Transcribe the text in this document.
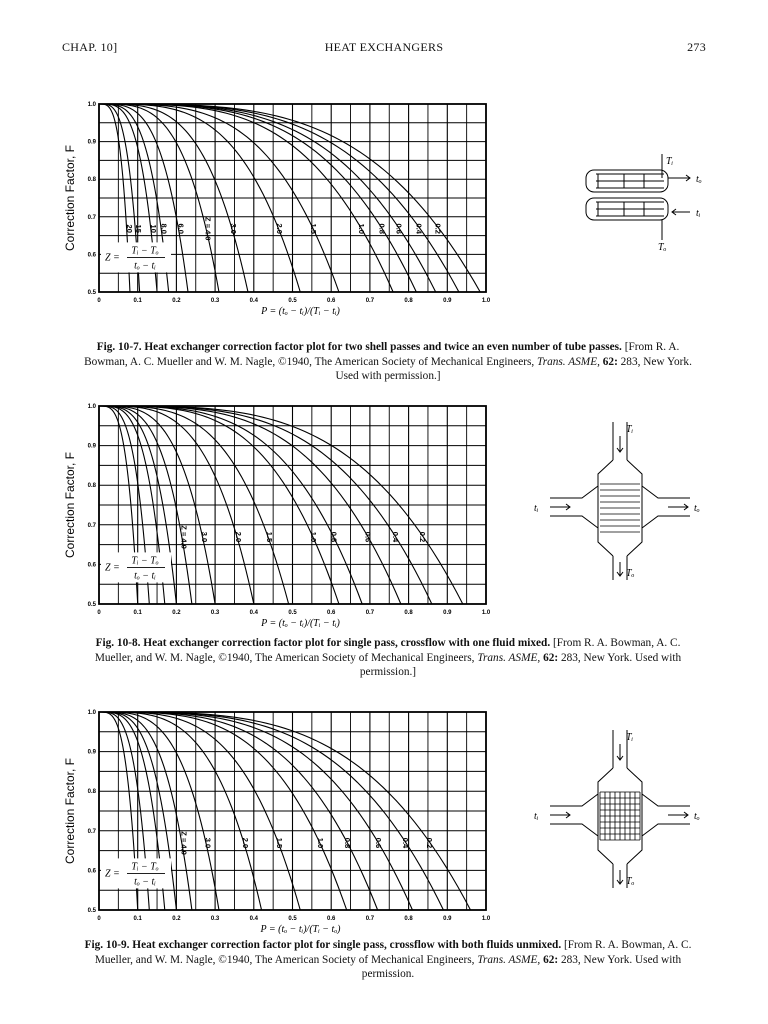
CHAP. 10]	HEAT EXCHANGERS	273
0	0.1	0.2	0.3	0.4	0.5	0.6	0.7	0.8	0.9	1.0
0.5
0.6
0.7
0.8
0.9
1.0
Correction Factor, F
P = (tₒ − tᵢ)/(Tᵢ − tᵢ)
20 15 10 8.0 6.0 Z = 4.0 3.0	2.0	1.5	1.0 0.8 0.6 0.4 0.2
Z =
Tᵢ − Tₒ
tₒ − tᵢ
Tᵢ
tₒ
tᵢ
Tₒ
Fig. 10-7. Heat exchanger correction factor plot for two shell passes and twice an even number of tube passes. [From R. A. Bowman, A. C. Mueller and W. M. Nagle, ©1940, The American Society of Mechanical Engineers, Trans. ASME, 62: 283, New York. Used with permission.]
0	0.1	0.2	0.3	0.4	0.5	0.6	0.7	0.8	0.9	1.0
0.5
0.6
0.7
0.8
0.9
1.0
Correction Factor, F
P = (tₒ − tᵢ)/(Tᵢ − tᵢ)
Z = 4.0 3.0	2.0	1.5	1.0 0.8	0.6 0.4 0.2
Z =
Tᵢ − Tₒ
tₒ − tᵢ
Tᵢ
tᵢ	tₒ
Tₒ
Fig. 10-8. Heat exchanger correction factor plot for single pass, crossflow with one fluid mixed. [From R. A. Bowman, A. C. Mueller, and W. M. Nagle, ©1940, The American Society of Mechanical Engineers, Trans. ASME, 62: 283, New York. Used with permission.]
0	0.1	0.2	0.3	0.4	0.5	0.6	0.7	0.8	0.9	1.0
0.5
0.6
0.7
0.8
0.9
1.0
Correction Factor, F
P = (tₒ − tᵢ)/(Tᵢ − tₒ)
Z = 4.0 3.0	2.0	1.5	1.0 0.8	0.6 0.4 0.2
Z =
Tᵢ − Tₒ
tₒ − tᵢ
Tᵢ
tᵢ	tₒ
Tₒ
Fig. 10-9. Heat exchanger correction factor plot for single pass, crossflow with both fluids unmixed. [From R. A. Bowman, A. C. Mueller, and W. M. Nagle, ©1940, The American Society of Mechanical Engineers, Trans. ASME, 62: 283, New York. Used with permission.
